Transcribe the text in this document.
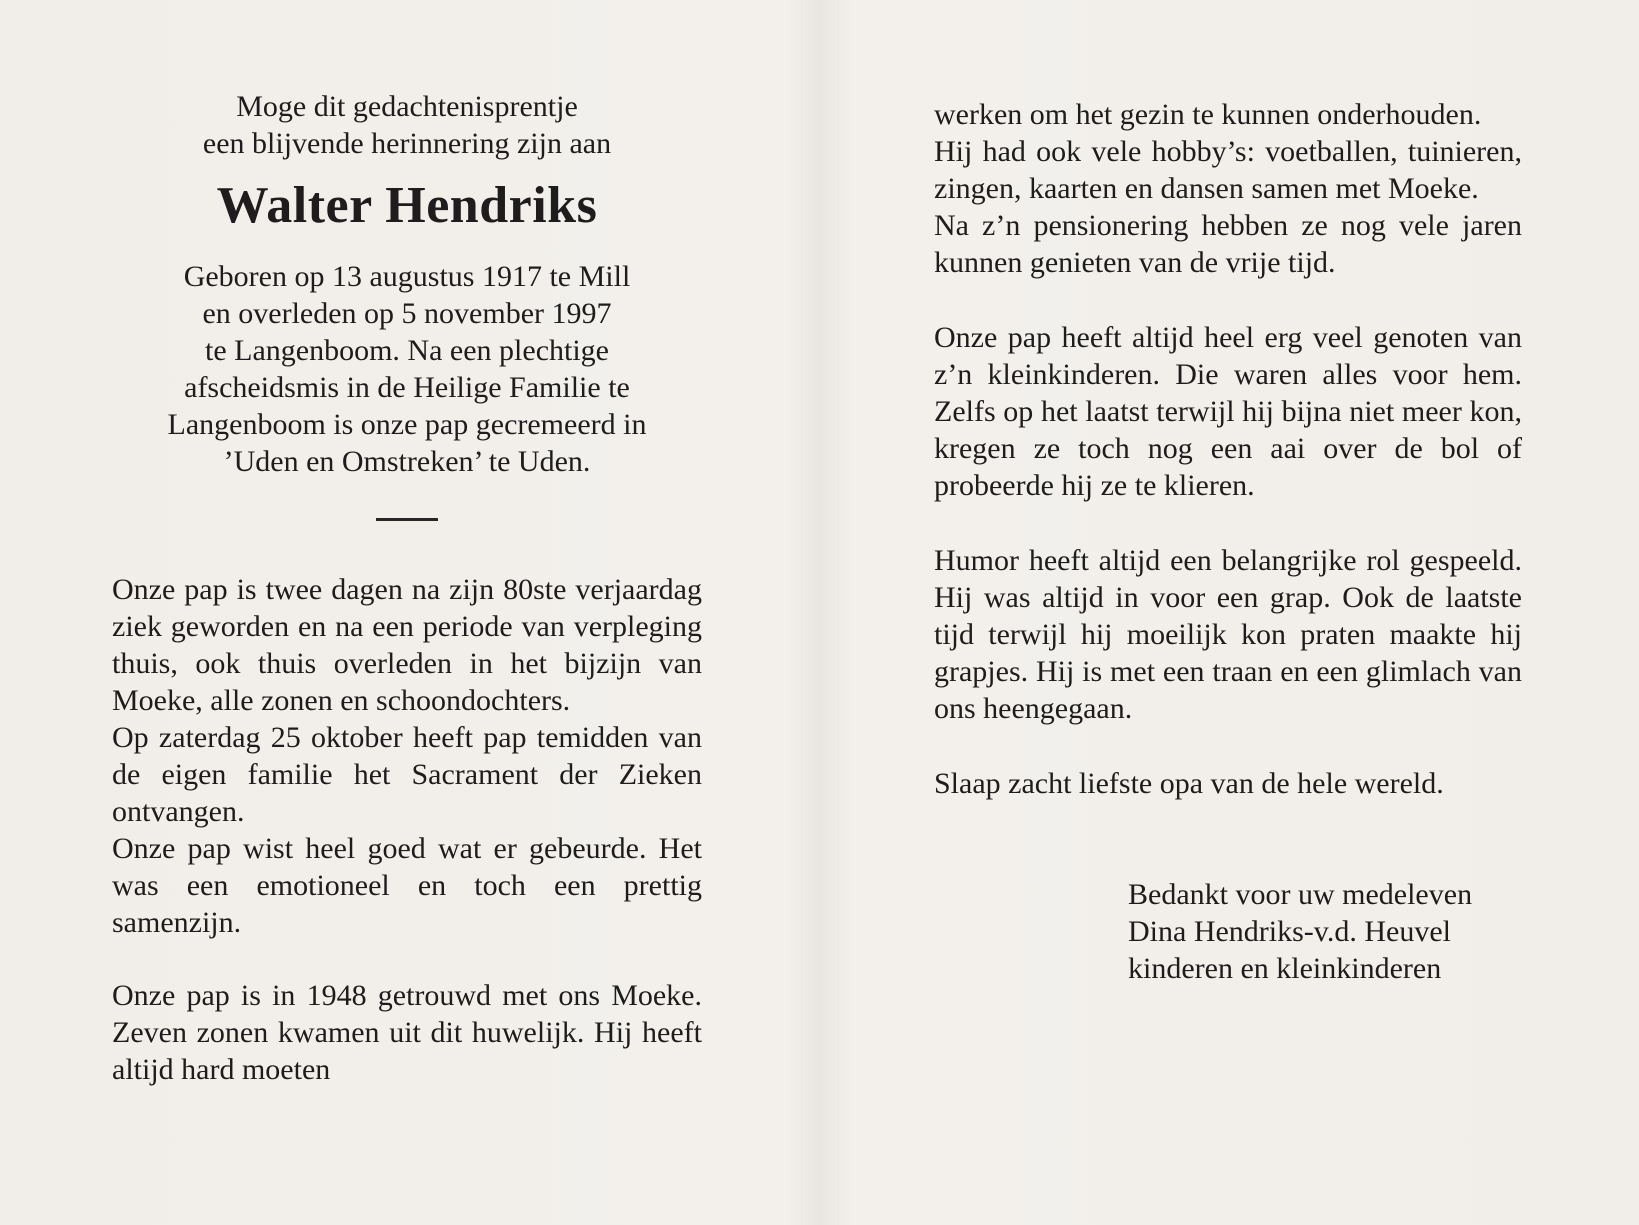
Moge dit gedachtenisprentje
een blijvende herinnering zijn aan
Walter Hendriks
Geboren op 13 augustus 1917 te Mill
en overleden op 5 november 1997
te Langenboom. Na een plechtige
afscheidsmis in de Heilige Familie te
Langenboom is onze pap gecremeerd in
’Uden en Omstreken’ te Uden.

Onze pap is twee dagen na zijn 80ste verjaardag ziek geworden en na een periode van verpleging thuis, ook thuis overleden in het bijzijn van Moeke, alle zonen en schoondochters.

Op zaterdag 25 oktober heeft pap temidden van de eigen familie het Sacrament der Zieken ontvangen.

Onze pap wist heel goed wat er gebeurde. Het was een emotioneel en toch een prettig samenzijn.

Onze pap is in 1948 getrouwd met ons Moeke. Zeven zonen kwamen uit dit huwelijk. Hij heeft altijd hard moeten

werken om het gezin te kunnen onderhouden.

Hij had ook vele hobby’s: voetballen, tuinieren, zingen, kaarten en dansen samen met Moeke.

Na z’n pensionering hebben ze nog vele jaren kunnen genieten van de vrije tijd.

Onze pap heeft altijd heel erg veel genoten van z’n kleinkinderen. Die waren alles voor hem. Zelfs op het laatst terwijl hij bijna niet meer kon, kregen ze toch nog een aai over de bol of probeerde hij ze te klieren.

Humor heeft altijd een belangrijke rol gespeeld. Hij was altijd in voor een grap. Ook de laatste tijd terwijl hij moeilijk kon praten maakte hij grapjes. Hij is met een traan en een glimlach van ons heengegaan.

Slaap zacht liefste opa van de hele wereld.

Bedankt voor uw medeleven
Dina Hendriks-v.d. Heuvel
kinderen en kleinkinderen
